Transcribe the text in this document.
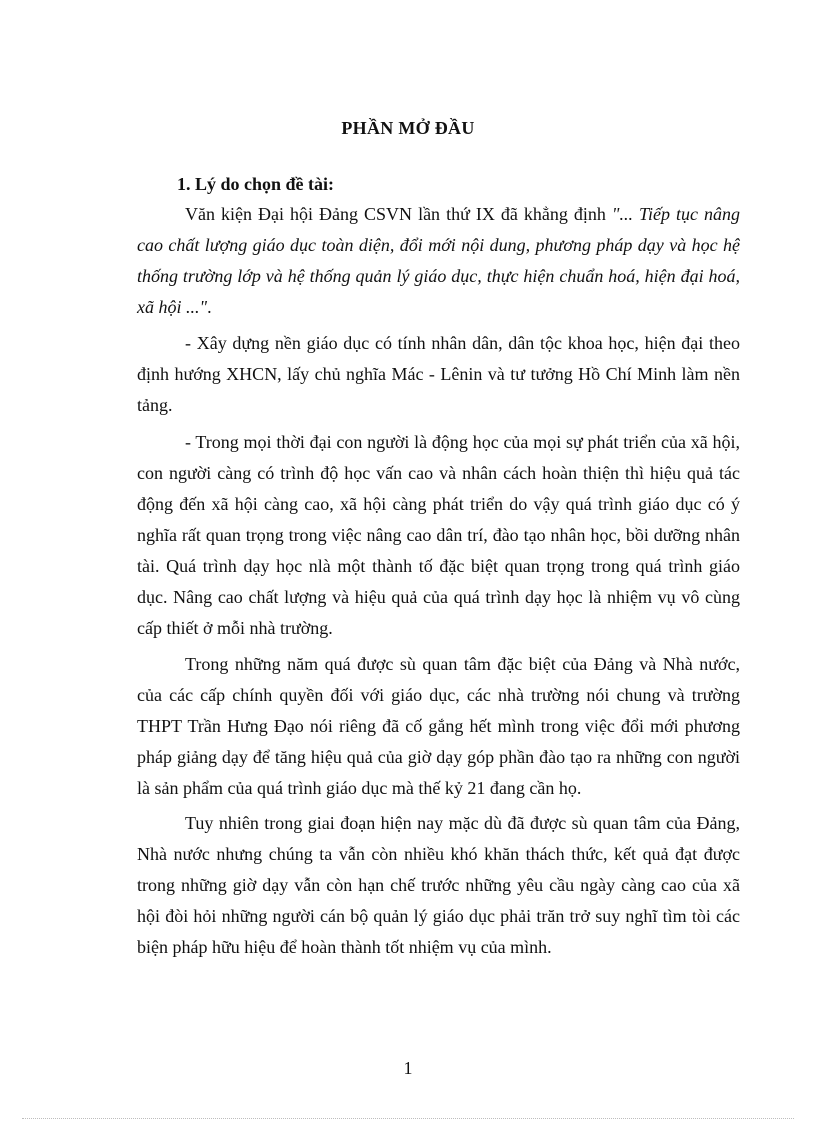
PHẦN MỞ ĐẦU
1. Lý do chọn đề tài:

Văn kiện Đại hội Đảng CSVN lần thứ IX đã khẳng định "... Tiếp tục nâng cao chất lượng giáo dục toàn diện, đổi mới nội dung, phương pháp dạy và học hệ thống trường lớp và hệ thống quản lý giáo dục, thực hiện chuẩn hoá, hiện đại hoá, xã hội ...".

- Xây dựng nền giáo dục có tính nhân dân, dân tộc khoa học, hiện đại theo định hướng XHCN, lấy chủ nghĩa Mác - Lênin và tư tưởng Hồ Chí Minh làm nền tảng.

- Trong mọi thời đại con người là động học của mọi sự phát triển của xã hội, con người càng có trình độ học vấn cao và nhân cách hoàn thiện thì hiệu quả tác động đến xã hội càng cao, xã hội càng phát triển do vậy quá trình giáo dục có ý nghĩa rất quan trọng trong việc nâng cao dân trí, đào tạo nhân học, bồi dưỡng nhân tài. Quá trình dạy học nlà một thành tố đặc biệt quan trọng trong quá trình giáo dục. Nâng cao chất lượng và hiệu quả của quá trình dạy học là nhiệm vụ vô cùng cấp thiết ở mỗi nhà trường.

Trong những năm quá được sù quan tâm đặc biệt của Đảng và Nhà nước, của các cấp chính quyền đối với giáo dục, các nhà trường nói chung và trường THPT Trần Hưng Đạo nói riêng đã cố gắng hết mình trong việc đổi mới phương pháp giảng dạy để tăng hiệu quả của giờ dạy góp phần đào tạo ra những con người là sản phẩm của quá trình giáo dục mà thế kỷ 21 đang cần họ.

Tuy nhiên trong giai đoạn hiện nay mặc dù đã được sù quan tâm của Đảng, Nhà nước nhưng chúng ta vẫn còn nhiều khó khăn thách thức, kết quả đạt được trong những giờ dạy vẫn còn hạn chế trước những yêu cầu ngày càng cao của xã hội đòi hỏi những người cán bộ quản lý giáo dục phải trăn trở suy nghĩ tìm tòi các biện pháp hữu hiệu để hoàn thành tốt nhiệm vụ của mình.

1
